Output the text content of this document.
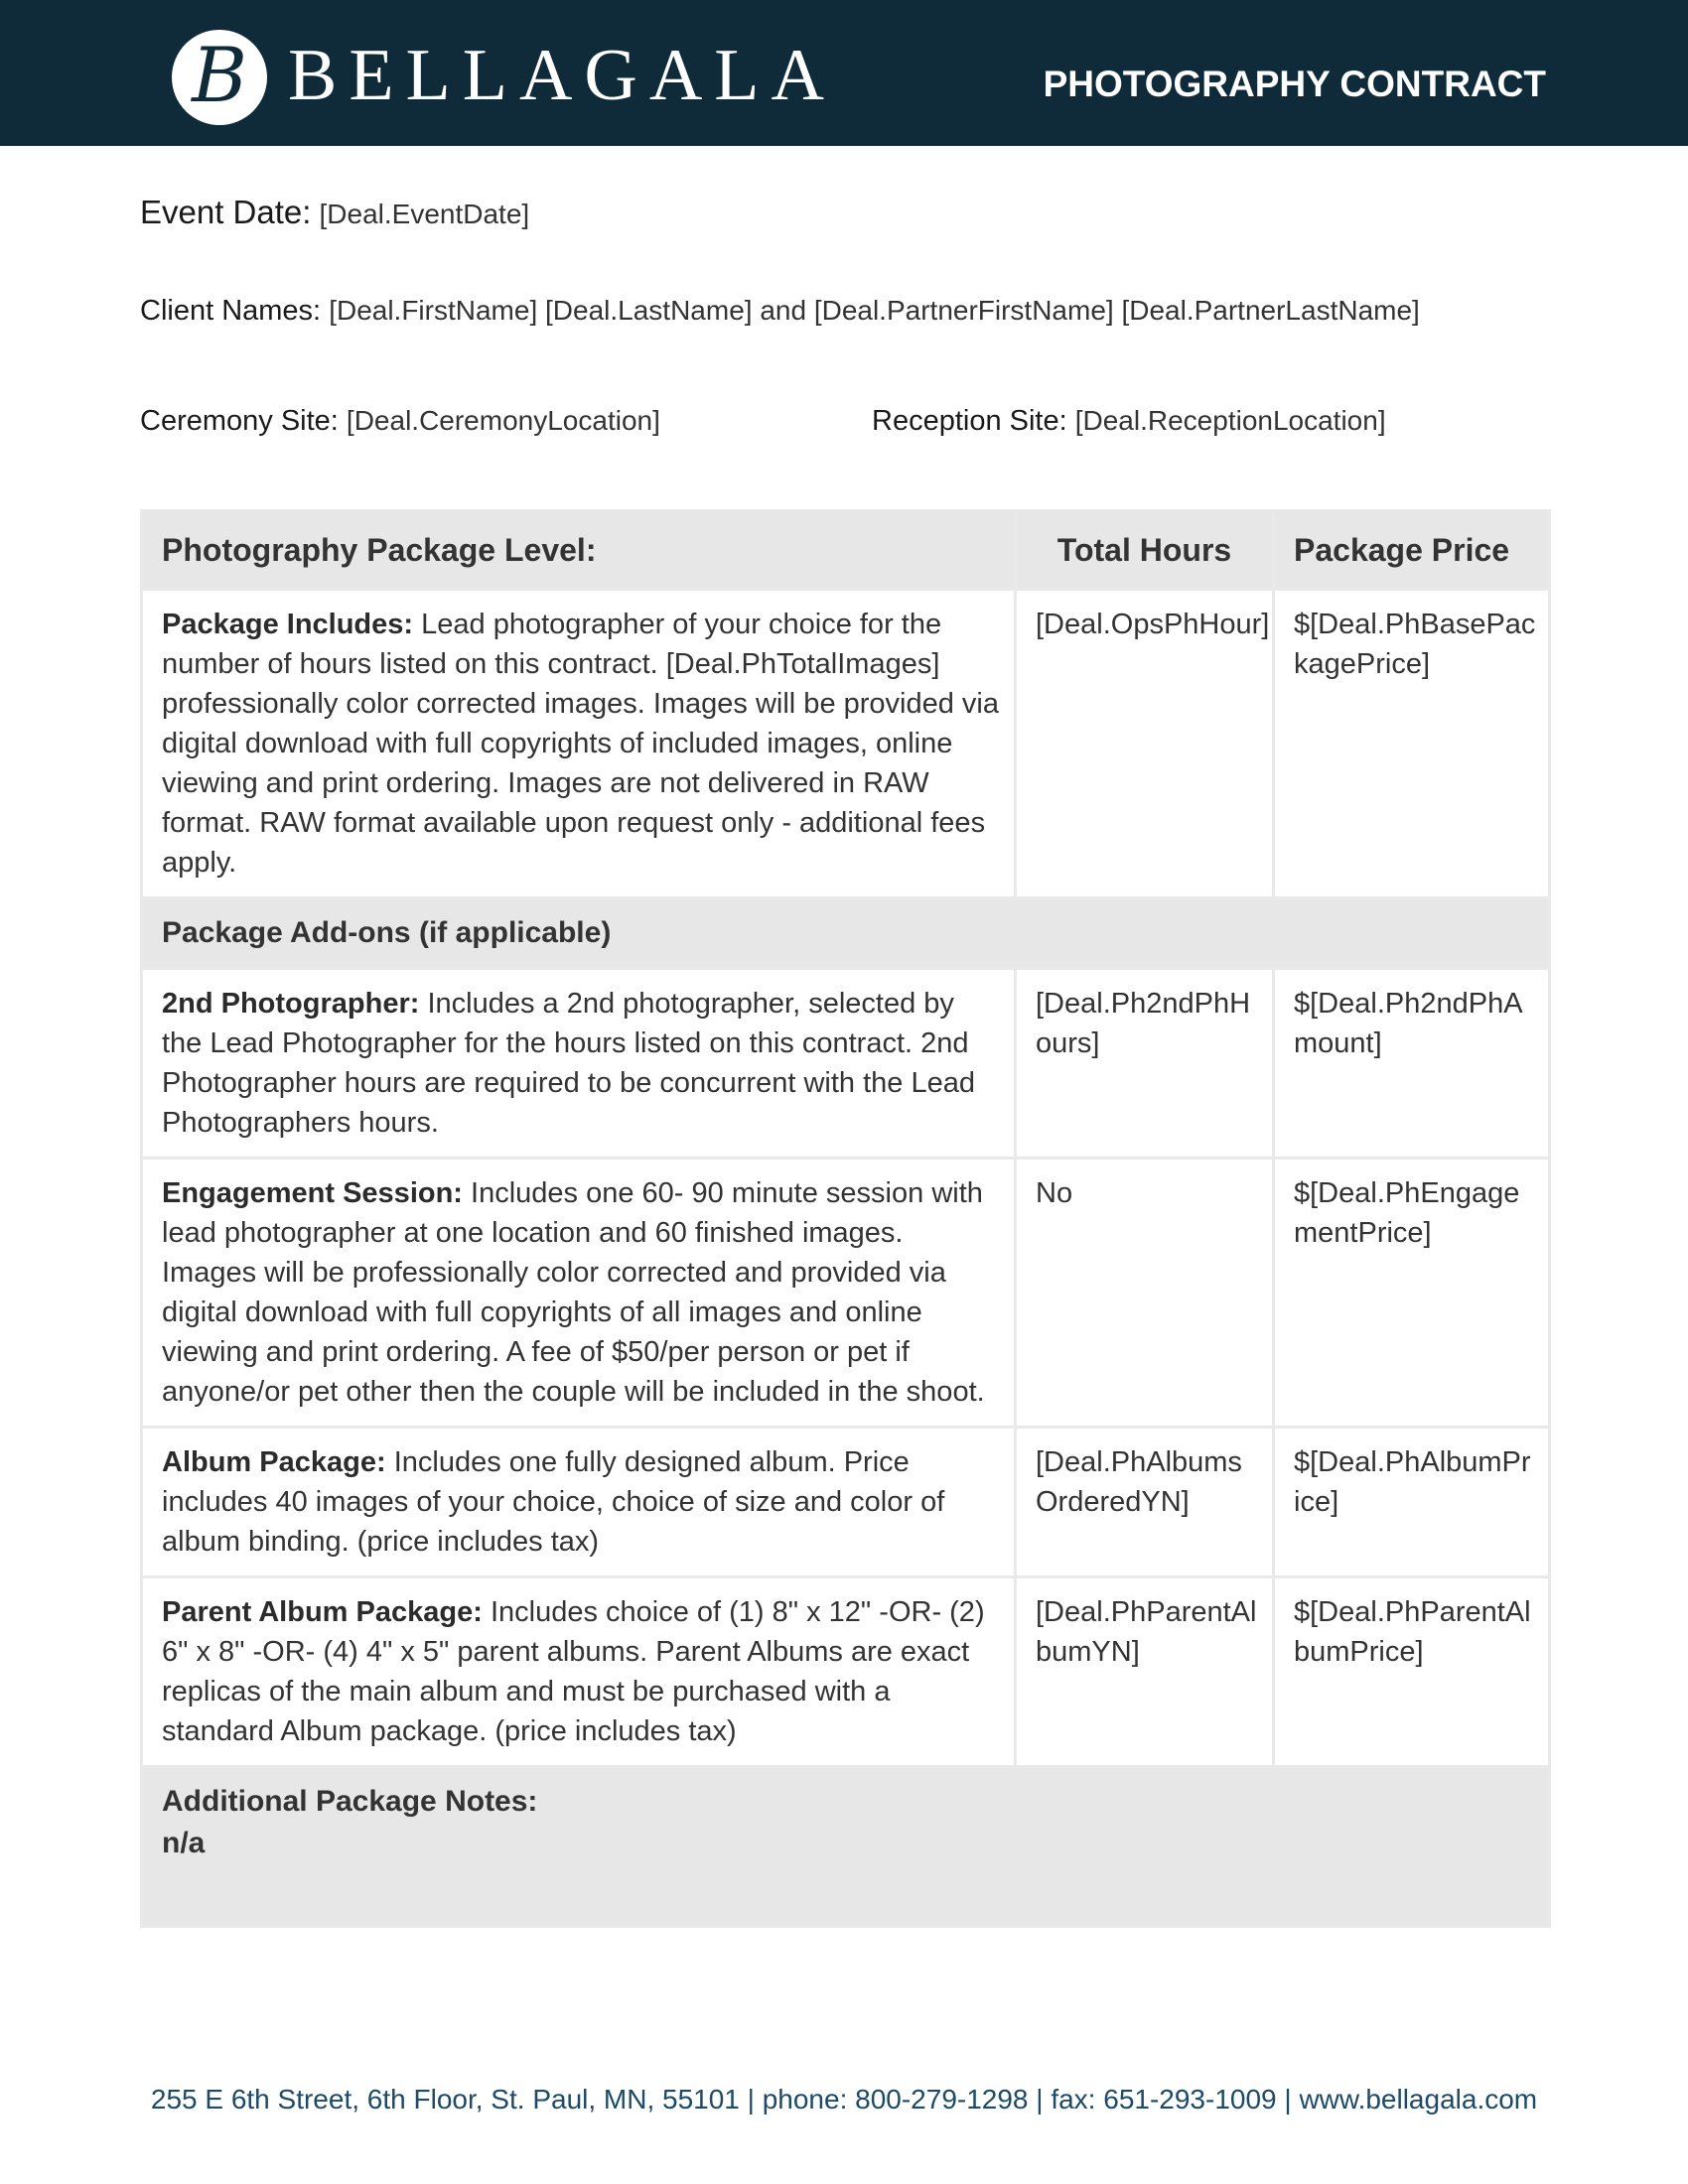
B BELLAGALA	PHOTOGRAPHY CONTRACT
Event Date: [Deal.EventDate]
Client Names: [Deal.FirstName] [Deal.LastName] and [Deal.PartnerFirstName] [Deal.PartnerLastName]
Ceremony Site: [Deal.CeremonyLocation]	Reception Site: [Deal.ReceptionLocation]
Photography Package Level:	Total Hours	Package Price
Package Includes: Lead photographer of your choice for the number of hours listed on this contract. [Deal.PhTotalImages] professionally color corrected images. Images will be provided via digital download with full copyrights of included images, online viewing and print ordering. Images are not delivered in RAW format. RAW format available upon request only - additional fees apply.	[Deal.OpsPhHour]	$[Deal.PhBasePackagePrice]
Package Add-ons (if applicable)		
2nd Photographer: Includes a 2nd photographer, selected by the Lead Photographer for the hours listed on this contract. 2nd Photographer hours are required to be concurrent with the Lead Photographers hours.	[Deal.Ph2ndPhHours]	$[Deal.Ph2ndPhAmount]
Engagement Session: Includes one 60- 90 minute session with lead photographer at one location and 60 finished images. Images will be professionally color corrected and provided via digital download with full copyrights of all images and online viewing and print ordering. A fee of $50/per person or pet if anyone/or pet other then the couple will be included in the shoot.	No	$[Deal.PhEngagementPrice]
Album Package: Includes one fully designed album. Price includes 40 images of your choice, choice of size and color of album binding. (price includes tax)	[Deal.PhAlbumsOrderedYN]	$[Deal.PhAlbumPrice]
Parent Album Package: Includes choice of (1) 8" x 12" -OR- (2) 6" x 8" -OR- (4) 4" x 5" parent albums. Parent Albums are exact replicas of the main album and must be purchased with a standard Album package. (price includes tax)	[Deal.PhParentAlbumYN]	$[Deal.PhParentAlbumPrice]
Additional Package Notes:
n/a		
255 E 6th Street, 6th Floor, St. Paul, MN, 55101 | phone: 800-279-1298 | fax: 651-293-1009 | www.bellagala.com
